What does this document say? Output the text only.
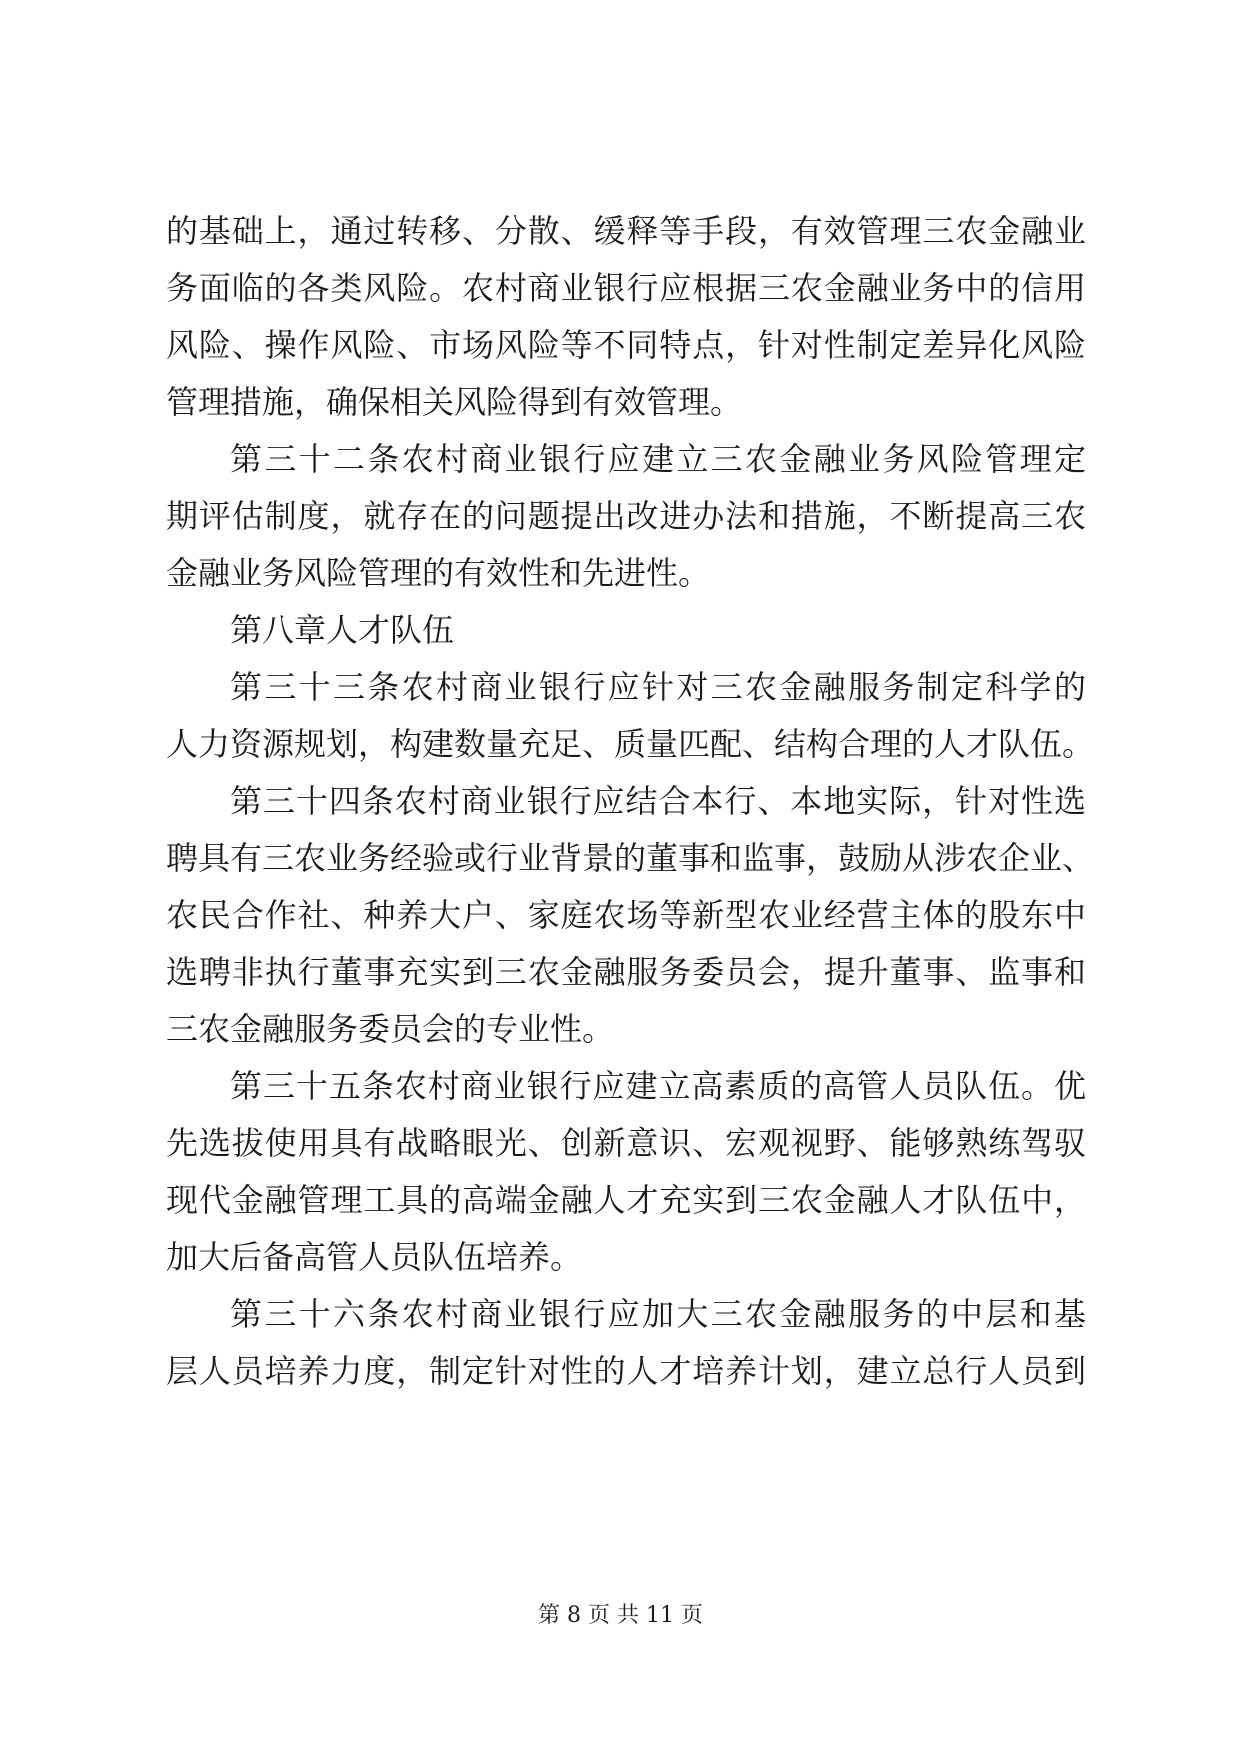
的基础上，通过转移、分散、缓释等手段，有效管理三农金融业
务面临的各类风险。农村商业银行应根据三农金融业务中的信用
风险、操作风险、市场风险等不同特点，针对性制定差异化风险
管理措施，确保相关风险得到有效管理。
第三十二条农村商业银行应建立三农金融业务风险管理定
期评估制度，就存在的问题提出改进办法和措施，不断提高三农
金融业务风险管理的有效性和先进性。
第八章人才队伍
第三十三条农村商业银行应针对三农金融服务制定科学的
人力资源规划，构建数量充足、质量匹配、结构合理的人才队伍。
第三十四条农村商业银行应结合本行、本地实际，针对性选
聘具有三农业务经验或行业背景的董事和监事，鼓励从涉农企业、
农民合作社、种养大户、家庭农场等新型农业经营主体的股东中
选聘非执行董事充实到三农金融服务委员会，提升董事、监事和
三农金融服务委员会的专业性。
第三十五条农村商业银行应建立高素质的高管人员队伍。优
先选拔使用具有战略眼光、创新意识、宏观视野、能够熟练驾驭
现代金融管理工具的高端金融人才充实到三农金融人才队伍中，
加大后备高管人员队伍培养。
第三十六条农村商业银行应加大三农金融服务的中层和基
层人员培养力度，制定针对性的人才培养计划，建立总行人员到
第 8 页 共 11 页
